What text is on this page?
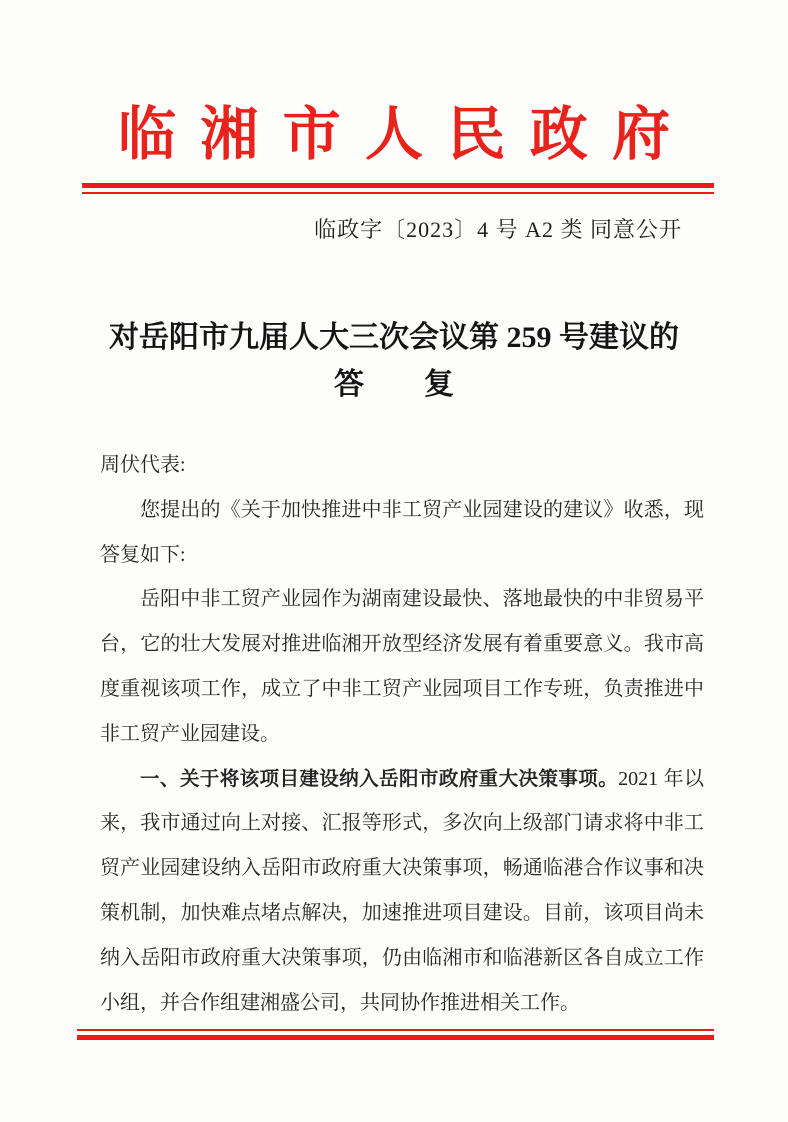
临湘市人民政府
临政字〔2023〕4 号 A2 类 同意公开
对岳阳市九届人大三次会议第 259 号建议的
答　　复

周伏代表:

您提出的《关于加快推进中非工贸产业园建设的建议》收悉，现答复如下:

岳阳中非工贸产业园作为湖南建设最快、落地最快的中非贸易平台，它的壮大发展对推进临湘开放型经济发展有着重要意义。我市高度重视该项工作，成立了中非工贸产业园项目工作专班，负责推进中非工贸产业园建设。

一、关于将该项目建设纳入岳阳市政府重大决策事项。2021 年以来，我市通过向上对接、汇报等形式，多次向上级部门请求将中非工贸产业园建设纳入岳阳市政府重大决策事项，畅通临港合作议事和决策机制，加快难点堵点解决，加速推进项目建设。目前，该项目尚未纳入岳阳市政府重大决策事项，仍由临湘市和临港新区各自成立工作小组，并合作组建湘盛公司，共同协作推进相关工作。
